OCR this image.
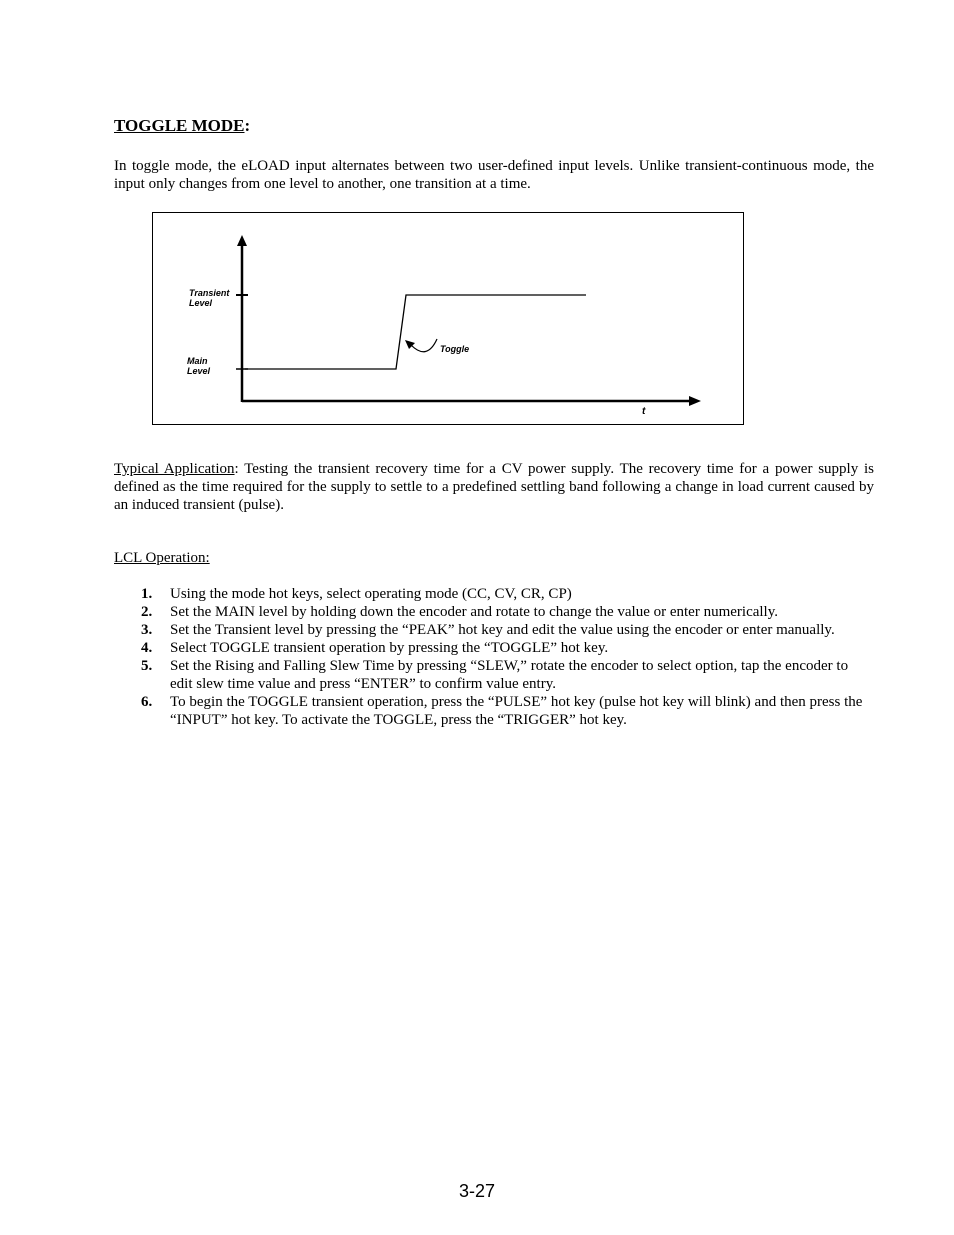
TOGGLE MODE:
In toggle mode, the eLOAD input alternates between two user-defined input levels. Unlike transient-continuous mode, the input only changes from one level to another, one transition at a time.
Transient
Level
Main
Level
Toggle
t
Typical Application: Testing the transient recovery time for a CV power supply. The recovery time for a power supply is defined as the time required for the supply to settle to a predefined settling band following a change in load current caused by an induced transient (pulse).
LCL Operation:
1. Using the mode hot keys, select operating mode (CC, CV, CR, CP)
2. Set the MAIN level by holding down the encoder and rotate to change the value or enter numerically.
3. Set the Transient level by pressing the “PEAK” hot key and edit the value using the encoder or enter manually.
4. Select TOGGLE transient operation by pressing the “TOGGLE” hot key.
5. Set the Rising and Falling Slew Time by pressing “SLEW,” rotate the encoder to select option, tap the encoder to edit slew time value and press “ENTER” to confirm value entry.
6. To begin the TOGGLE transient operation, press the “PULSE” hot key (pulse hot key will blink) and then press the “INPUT” hot key. To activate the TOGGLE, press the “TRIGGER” hot key.
3-27
